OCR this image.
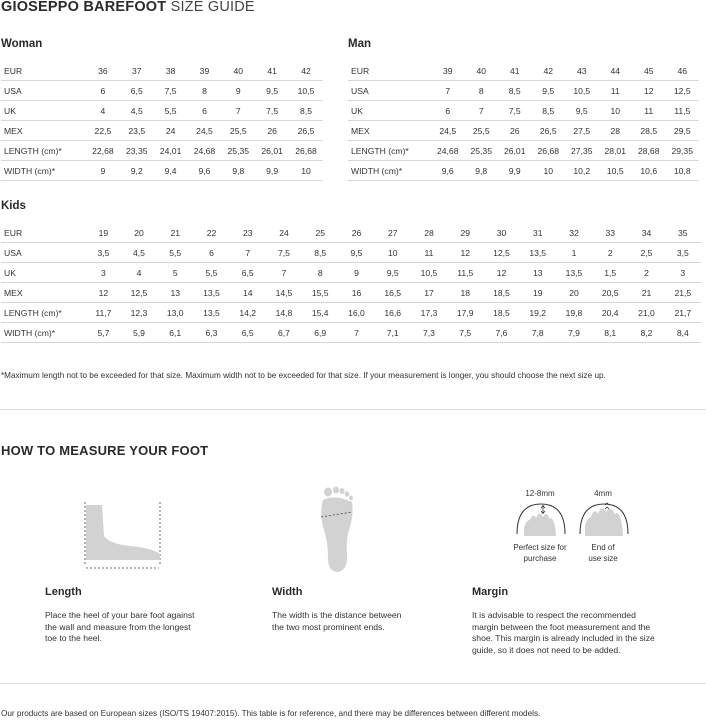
GIOSEPPO BAREFOOT SIZE GUIDE
Woman
EUR	36	37	38	39	40	41	42
USA	6	6,5	7,5	8	9	9,5	10,5
UK	4	4,5	5,5	6	7	7,5	8,5
MEX	22,5	23,5	24	24,5	25,5	26	26,5
LENGTH (cm)*	22,68	23,35	24,01	24,68	25,35	26,01	26,68
WIDTH (cm)*	9	9,2	9,4	9,6	9,8	9,9	10
Man
EUR	39	40	41	42	43	44	45	46
USA	7	8	8,5	9,5	10,5	11	12	12,5
UK	6	7	7,5	8,5	9,5	10	11	11,5
MEX	24,5	25,5	26	26,5	27,5	28	28,5	29,5
LENGTH (cm)*	24,68	25,35	26,01	26,68	27,35	28,01	28,68	29,35
WIDTH (cm)*	9,6	9,8	9,9	10	10,2	10,5	10,6	10,8
Kids
EUR	19	20	21	22	23	24	25	26	27	28	29	30	31	32	33	34	35
USA	3,5	4,5	5,5	6	7	7,5	8,5	9,5	10	11	12	12,5	13,5	1	2	2,5	3,5
UK	3	4	5	5,5	6,5	7	8	9	9,5	10,5	11,5	12	13	13,5	1,5	2	3
MEX	12	12,5	13	13,5	14	14,5	15,5	16	16,5	17	18	18,5	19	20	20,5	21	21,5
LENGTH (cm)*	11,7	12,3	13,0	13,5	14,2	14,8	15,4	16,0	16,6	17,3	17,9	18,5	19,2	19,8	20,4	21,0	21,7
WIDTH (cm)*	5,7	5,9	6,1	6,3	6,5	6,7	6,9	7	7,1	7,3	7,5	7,6	7,8	7,9	8,1	8,2	8,4
*Maximum length not to be exceeded for that size. Maximum width not to be exceeded for that size. If your measurement is longer, you should choose the next size up.
HOW TO MEASURE YOUR FOOT
12-8mm
Perfect size for
purchase
4mm
End of
use size
Length
Place the heel of your bare foot against
the wall and measure from the longest
toe to the heel.
Width
The width is the distance between
the two most prominent ends.
Margin
It is advisable to respect the recommended
margin between the foot measurement and the
shoe. This margin is already included in the size
guide, so it does not need to be added.
Our products are based on European sizes (ISO/TS 19407:2015). This table is for reference, and there may be differences between different models.
